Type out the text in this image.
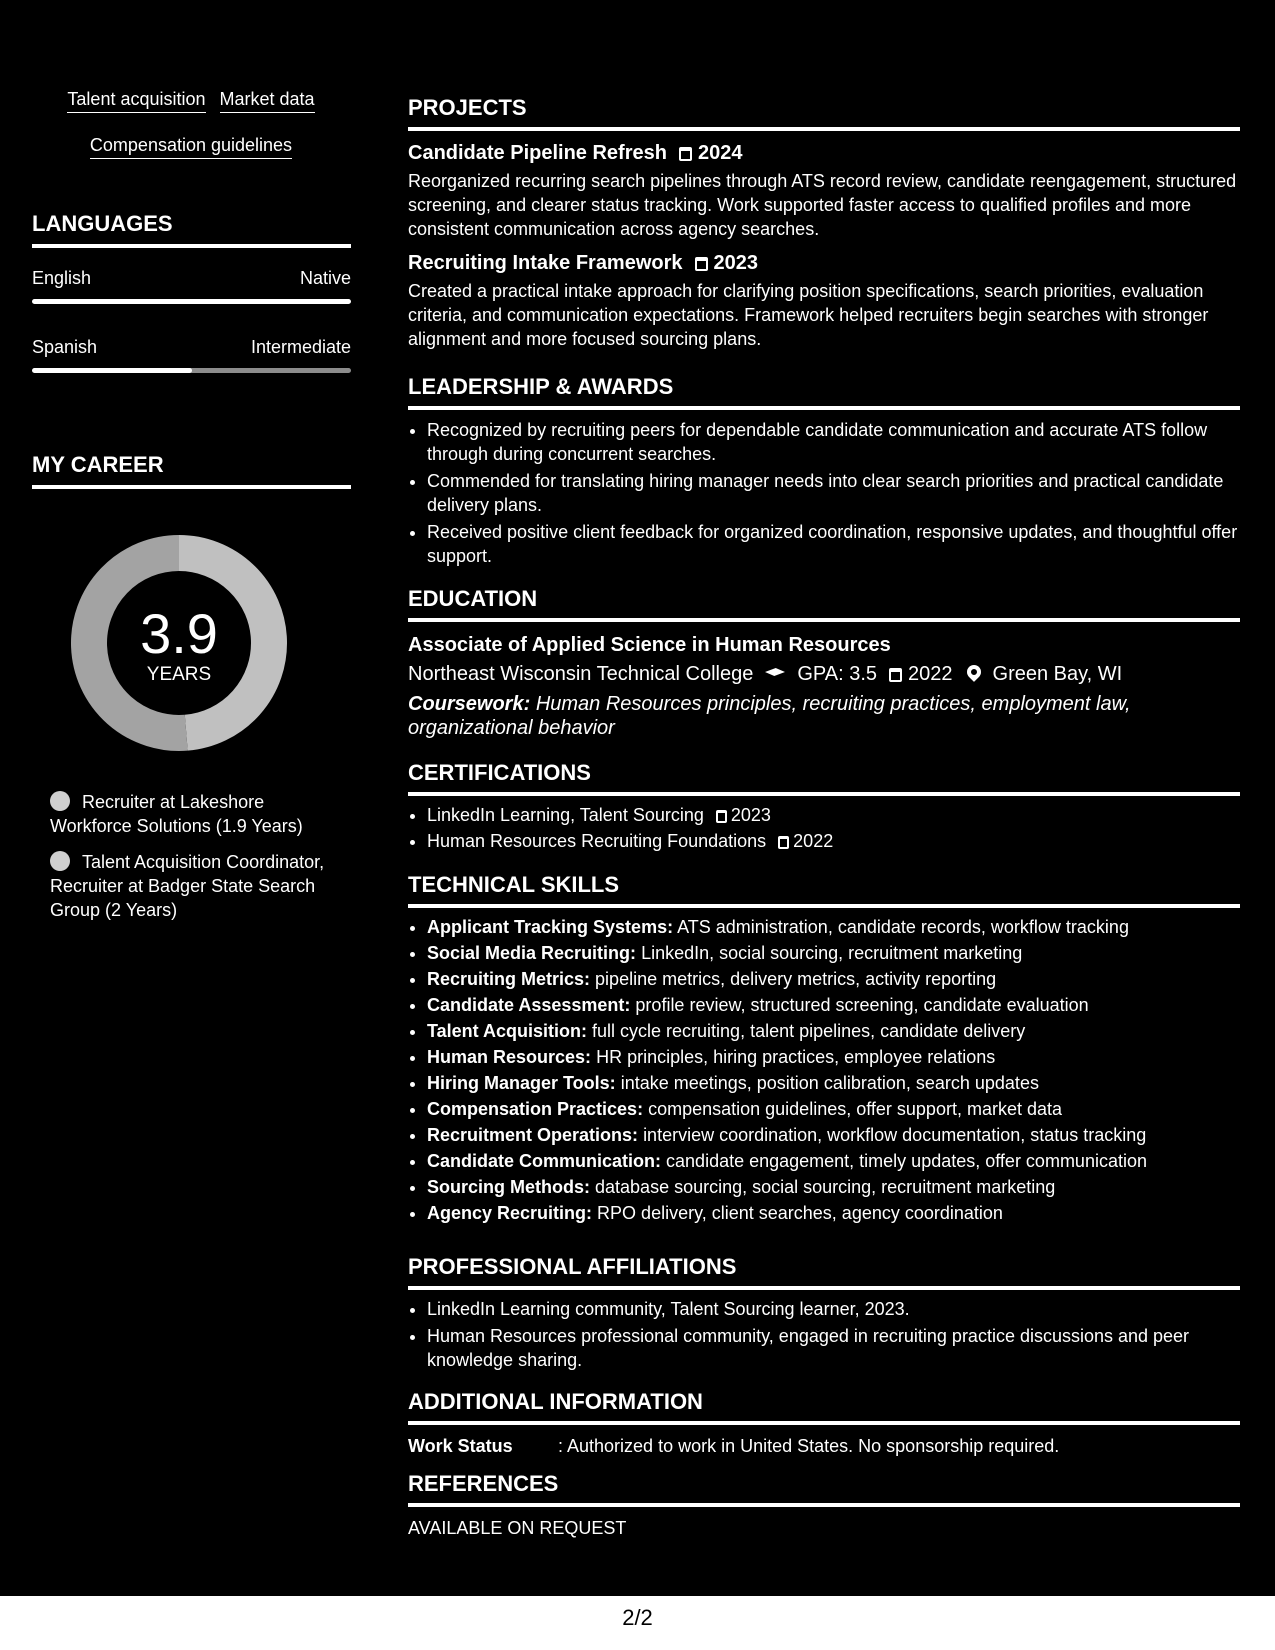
Talent acquisition Market data
Compensation guidelines
LANGUAGES
English	Native
Spanish	Intermediate
MY CAREER
3.9
YEARS
Recruiter at Lakeshore Workforce Solutions (1.9 Years)
Talent Acquisition Coordinator, Recruiter at Badger State Search Group (2 Years)
PROJECTS
Candidate Pipeline Refresh 2024
Reorganized recurring search pipelines through ATS record review, candidate reengagement, structured screening, and clearer status tracking. Work supported faster access to qualified profiles and more consistent communication across agency searches.
Recruiting Intake Framework 2023
Created a practical intake approach for clarifying position specifications, search priorities, evaluation criteria, and communication expectations. Framework helped recruiters begin searches with stronger alignment and more focused sourcing plans.
LEADERSHIP & AWARDS
• Recognized by recruiting peers for dependable candidate communication and accurate ATS follow through during concurrent searches.
• Commended for translating hiring manager needs into clear search priorities and practical candidate delivery plans.
• Received positive client feedback for organized coordination, responsive updates, and thoughtful offer support.
EDUCATION
Associate of Applied Science in Human Resources
Northeast Wisconsin Technical College GPA: 3.5 2022 Green Bay, WI
Coursework: Human Resources principles, recruiting practices, employment law, organizational behavior
CERTIFICATIONS
• LinkedIn Learning, Talent Sourcing 2023
• Human Resources Recruiting Foundations 2022
TECHNICAL SKILLS
• Applicant Tracking Systems: ATS administration, candidate records, workflow tracking
• Social Media Recruiting: LinkedIn, social sourcing, recruitment marketing
• Recruiting Metrics: pipeline metrics, delivery metrics, activity reporting
• Candidate Assessment: profile review, structured screening, candidate evaluation
• Talent Acquisition: full cycle recruiting, talent pipelines, candidate delivery
• Human Resources: HR principles, hiring practices, employee relations
• Hiring Manager Tools: intake meetings, position calibration, search updates
• Compensation Practices: compensation guidelines, offer support, market data
• Recruitment Operations: interview coordination, workflow documentation, status tracking
• Candidate Communication: candidate engagement, timely updates, offer communication
• Sourcing Methods: database sourcing, social sourcing, recruitment marketing
• Agency Recruiting: RPO delivery, client searches, agency coordination
PROFESSIONAL AFFILIATIONS
• LinkedIn Learning community, Talent Sourcing learner, 2023.
• Human Resources professional community, engaged in recruiting practice discussions and peer knowledge sharing.
ADDITIONAL INFORMATION
Work Status	: Authorized to work in United States. No sponsorship required.
REFERENCES
AVAILABLE ON REQUEST
2/2
